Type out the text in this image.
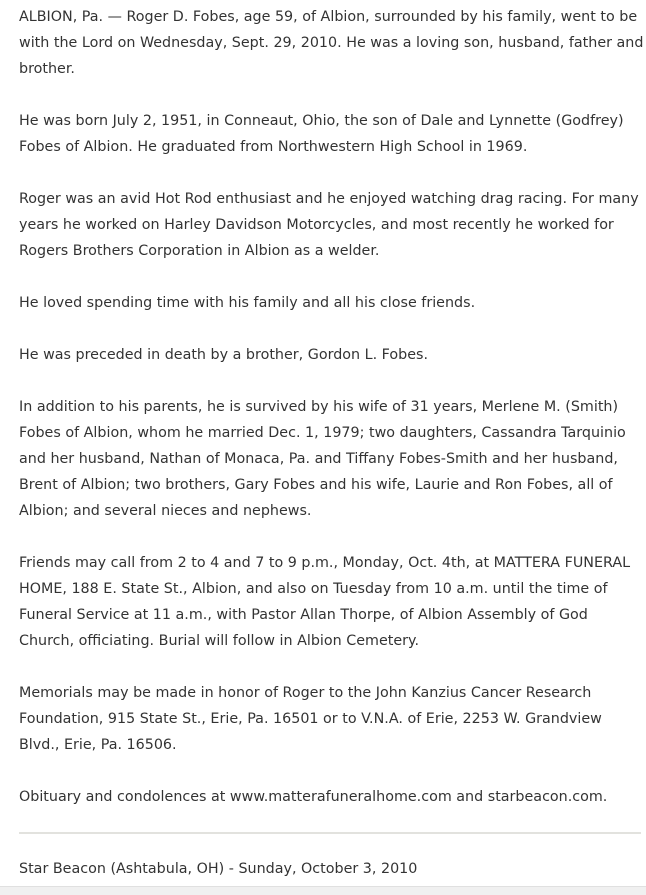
ALBION, Pa. — Roger D. Fobes, age 59, of Albion, surrounded by his family, went to be with the Lord on Wednesday, Sept. 29, 2010. He was a loving son, husband, father and brother.

He was born July 2, 1951, in Conneaut, Ohio, the son of Dale and Lynnette (Godfrey) Fobes of Albion. He graduated from Northwestern High School in 1969.

Roger was an avid Hot Rod enthusiast and he enjoyed watching drag racing. For many years he worked on Harley Davidson Motorcycles, and most recently he worked for Rogers Brothers Corporation in Albion as a welder.

He loved spending time with his family and all his close friends.

He was preceded in death by a brother, Gordon L. Fobes.

In addition to his parents, he is survived by his wife of 31 years, Merlene M. (Smith) Fobes of Albion, whom he married Dec. 1, 1979; two daughters, Cassandra Tarquinio and her husband, Nathan of Monaca, Pa. and Tiffany Fobes-Smith and her husband, Brent of Albion; two brothers, Gary Fobes and his wife, Laurie and Ron Fobes, all of Albion; and several nieces and nephews.

Friends may call from 2 to 4 and 7 to 9 p.m., Monday, Oct. 4th, at MATTERA FUNERAL HOME, 188 E. State St., Albion, and also on Tuesday from 10 a.m. until the time of Funeral Service at 11 a.m., with Pastor Allan Thorpe, of Albion Assembly of God Church, officiating. Burial will follow in Albion Cemetery.

Memorials may be made in honor of Roger to the John Kanzius Cancer Research Foundation, 915 State St., Erie, Pa. 16501 or to V.N.A. of Erie, 2253 W. Grandview Blvd., Erie, Pa. 16506.

Obituary and condolences at www.matterafuneralhome.com and starbeacon.com.

Star Beacon (Ashtabula, OH) - Sunday, October 3, 2010
